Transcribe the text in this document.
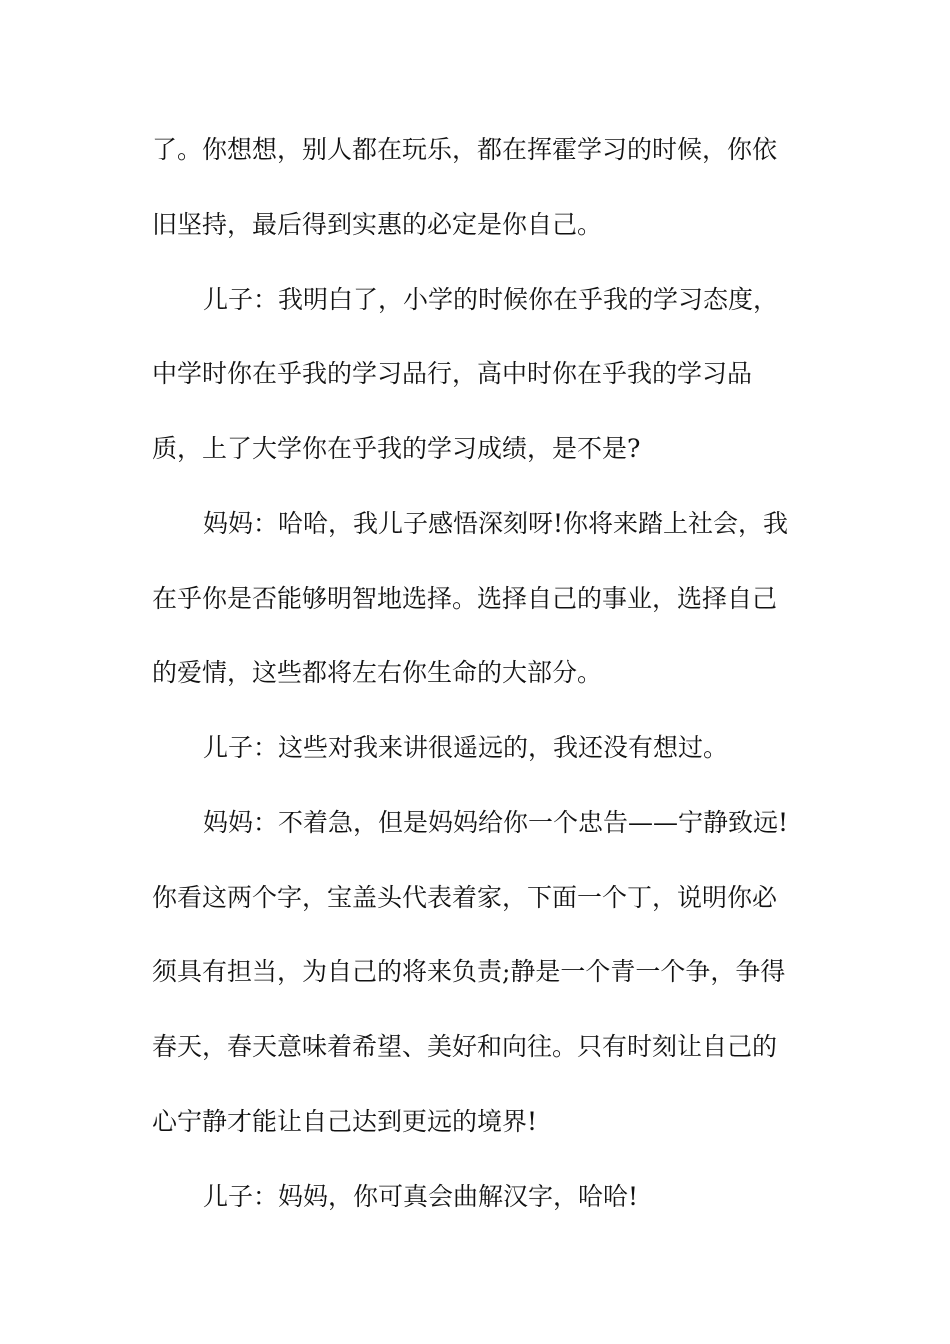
了。你想想，别人都在玩乐，都在挥霍学习的时候，你依
旧坚持，最后得到实惠的必定是你自己。
儿子：我明白了，小学的时候你在乎我的学习态度，
中学时你在乎我的学习品行，高中时你在乎我的学习品
质，上了大学你在乎我的学习成绩，是不是?
妈妈：哈哈，我儿子感悟深刻呀!你将来踏上社会，我
在乎你是否能够明智地选择。选择自己的事业，选择自己
的爱情，这些都将左右你生命的大部分。
儿子：这些对我来讲很遥远的，我还没有想过。
妈妈：不着急，但是妈妈给你一个忠告——宁静致远!
你看这两个字，宝盖头代表着家，下面一个丁，说明你必
须具有担当，为自己的将来负责;静是一个青一个争，争得
春天，春天意味着希望、美好和向往。只有时刻让自己的
心宁静才能让自己达到更远的境界!
儿子：妈妈，你可真会曲解汉字，哈哈!
